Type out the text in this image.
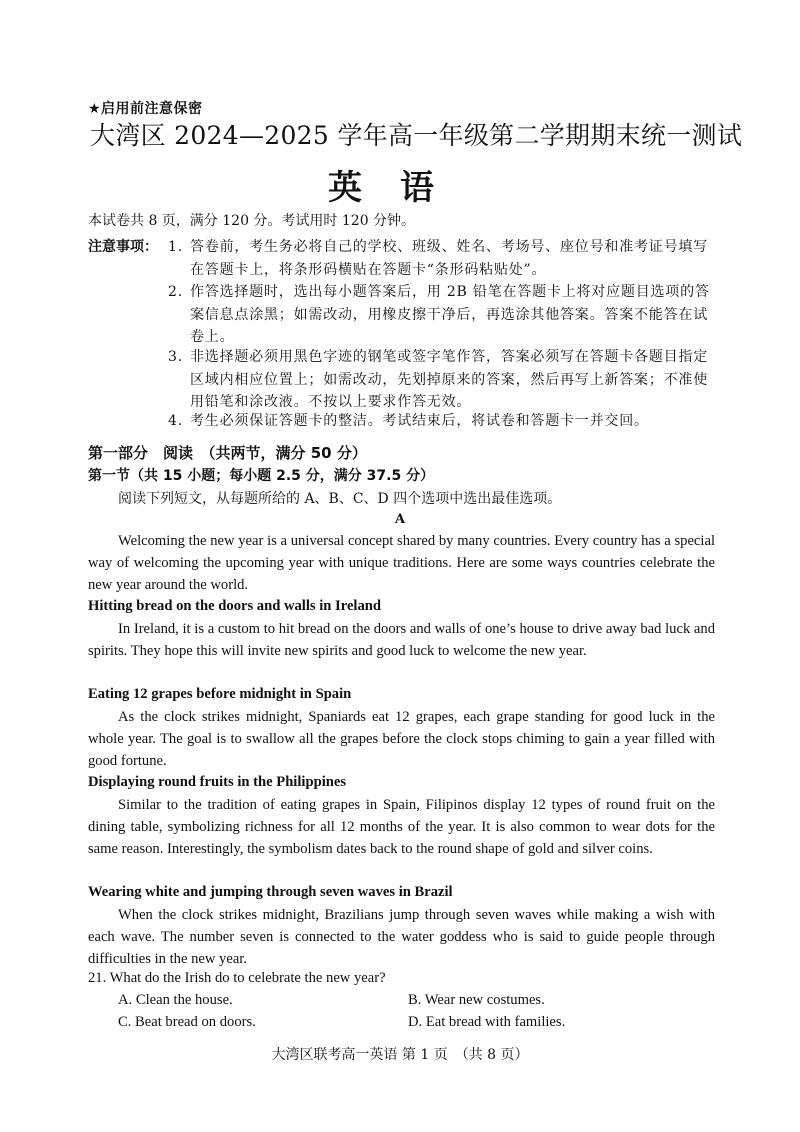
★启用前注意保密
大湾区 2024—2025 学年高一年级第二学期期末统一测试
英语
本试卷共 8 页，满分 120 分。考试用时 120 分钟。
注意事项： 1. 答卷前，考生务必将自己的学校、班级、姓名、考场号、座位号和准考证号填写在答题卡上，将条形码横贴在答题卡“条形码粘贴处”。
2. 作答选择题时，选出每小题答案后，用 2B 铅笔在答题卡上将对应题目选项的答案信息点涂黑；如需改动，用橡皮擦干净后，再选涂其他答案。答案不能答在试卷上。
3. 非选择题必须用黑色字迹的钢笔或签字笔作答，答案必须写在答题卡各题目指定区域内相应位置上；如需改动，先划掉原来的答案，然后再写上新答案；不准使用铅笔和涂改液。不按以上要求作答无效。
4. 考生必须保证答题卡的整洁。考试结束后，将试卷和答题卡一并交回。
第一部分　阅读　（共两节，满分 50 分）
第一节（共 15 小题；每小题 2.5 分，满分 37.5 分）
阅读下列短文，从每题所给的 A、B、C、D 四个选项中选出最佳选项。
A
Welcoming the new year is a universal concept shared by many countries. Every country has a special way of welcoming the upcoming year with unique traditions. Here are some ways countries celebrate the new year around the world.
Hitting bread on the doors and walls in Ireland
In Ireland, it is a custom to hit bread on the doors and walls of one’s house to drive away bad luck and spirits. They hope this will invite new spirits and good luck to welcome the new year.
Eating 12 grapes before midnight in Spain
As the clock strikes midnight, Spaniards eat 12 grapes, each grape standing for good luck in the whole year. The goal is to swallow all the grapes before the clock stops chiming to gain a year filled with good fortune.
Displaying round fruits in the Philippines
Similar to the tradition of eating grapes in Spain, Filipinos display 12 types of round fruit on the dining table, symbolizing richness for all 12 months of the year. It is also common to wear dots for the same reason. Interestingly, the symbolism dates back to the round shape of gold and silver coins.
Wearing white and jumping through seven waves in Brazil
When the clock strikes midnight, Brazilians jump through seven waves while making a wish with each wave. The number seven is connected to the water goddess who is said to guide people through difficulties in the new year.
21. What do the Irish do to celebrate the new year?
A. Clean the house.	B. Wear new costumes.
C. Beat bread on doors.	D. Eat bread with families.
大湾区联考高一英语 第 1 页　（共 8 页）
